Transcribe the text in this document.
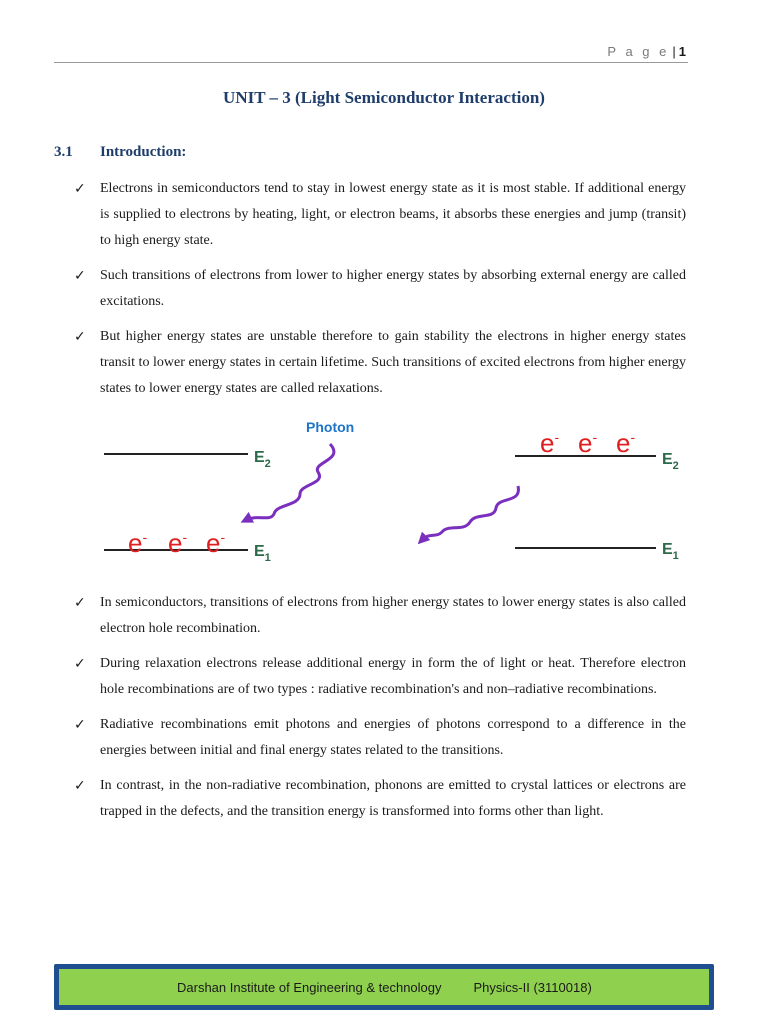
P a g e | 1
UNIT – 3 (Light Semiconductor Interaction)
3.1 Introduction:
✓ Electrons in semiconductors tend to stay in lowest energy state as it is most stable. If additional energy is supplied to electrons by heating, light, or electron beams, it absorbs these energies and jump (transit) to high energy state.
✓ Such transitions of electrons from lower to higher energy states by absorbing external energy are called excitations.
✓ But higher energy states are unstable therefore to gain stability the electrons in higher energy states transit to lower energy states in certain lifetime. Such transitions of excited electrons from higher energy states to lower energy states are called relaxations.
$E_2$
$E_1$
Photon
e- e- e-
$E_2$
$E_1$
e- e- e-
✓ In semiconductors, transitions of electrons from higher energy states to lower energy states is also called electron hole recombination.
✓ During relaxation electrons release additional energy in form the of light or heat. Therefore electron hole recombinations are of two types : radiative recombination's and non–radiative recombinations.
✓ Radiative recombinations emit photons and energies of photons correspond to a difference in the energies between initial and final energy states related to the transitions.
✓ In contrast, in the non-radiative recombination, phonons are emitted to crystal lattices or electrons are trapped in the defects, and the transition energy is transformed into forms other than light.
Darshan Institute of Engineering & technology Physics-II (3110018)
